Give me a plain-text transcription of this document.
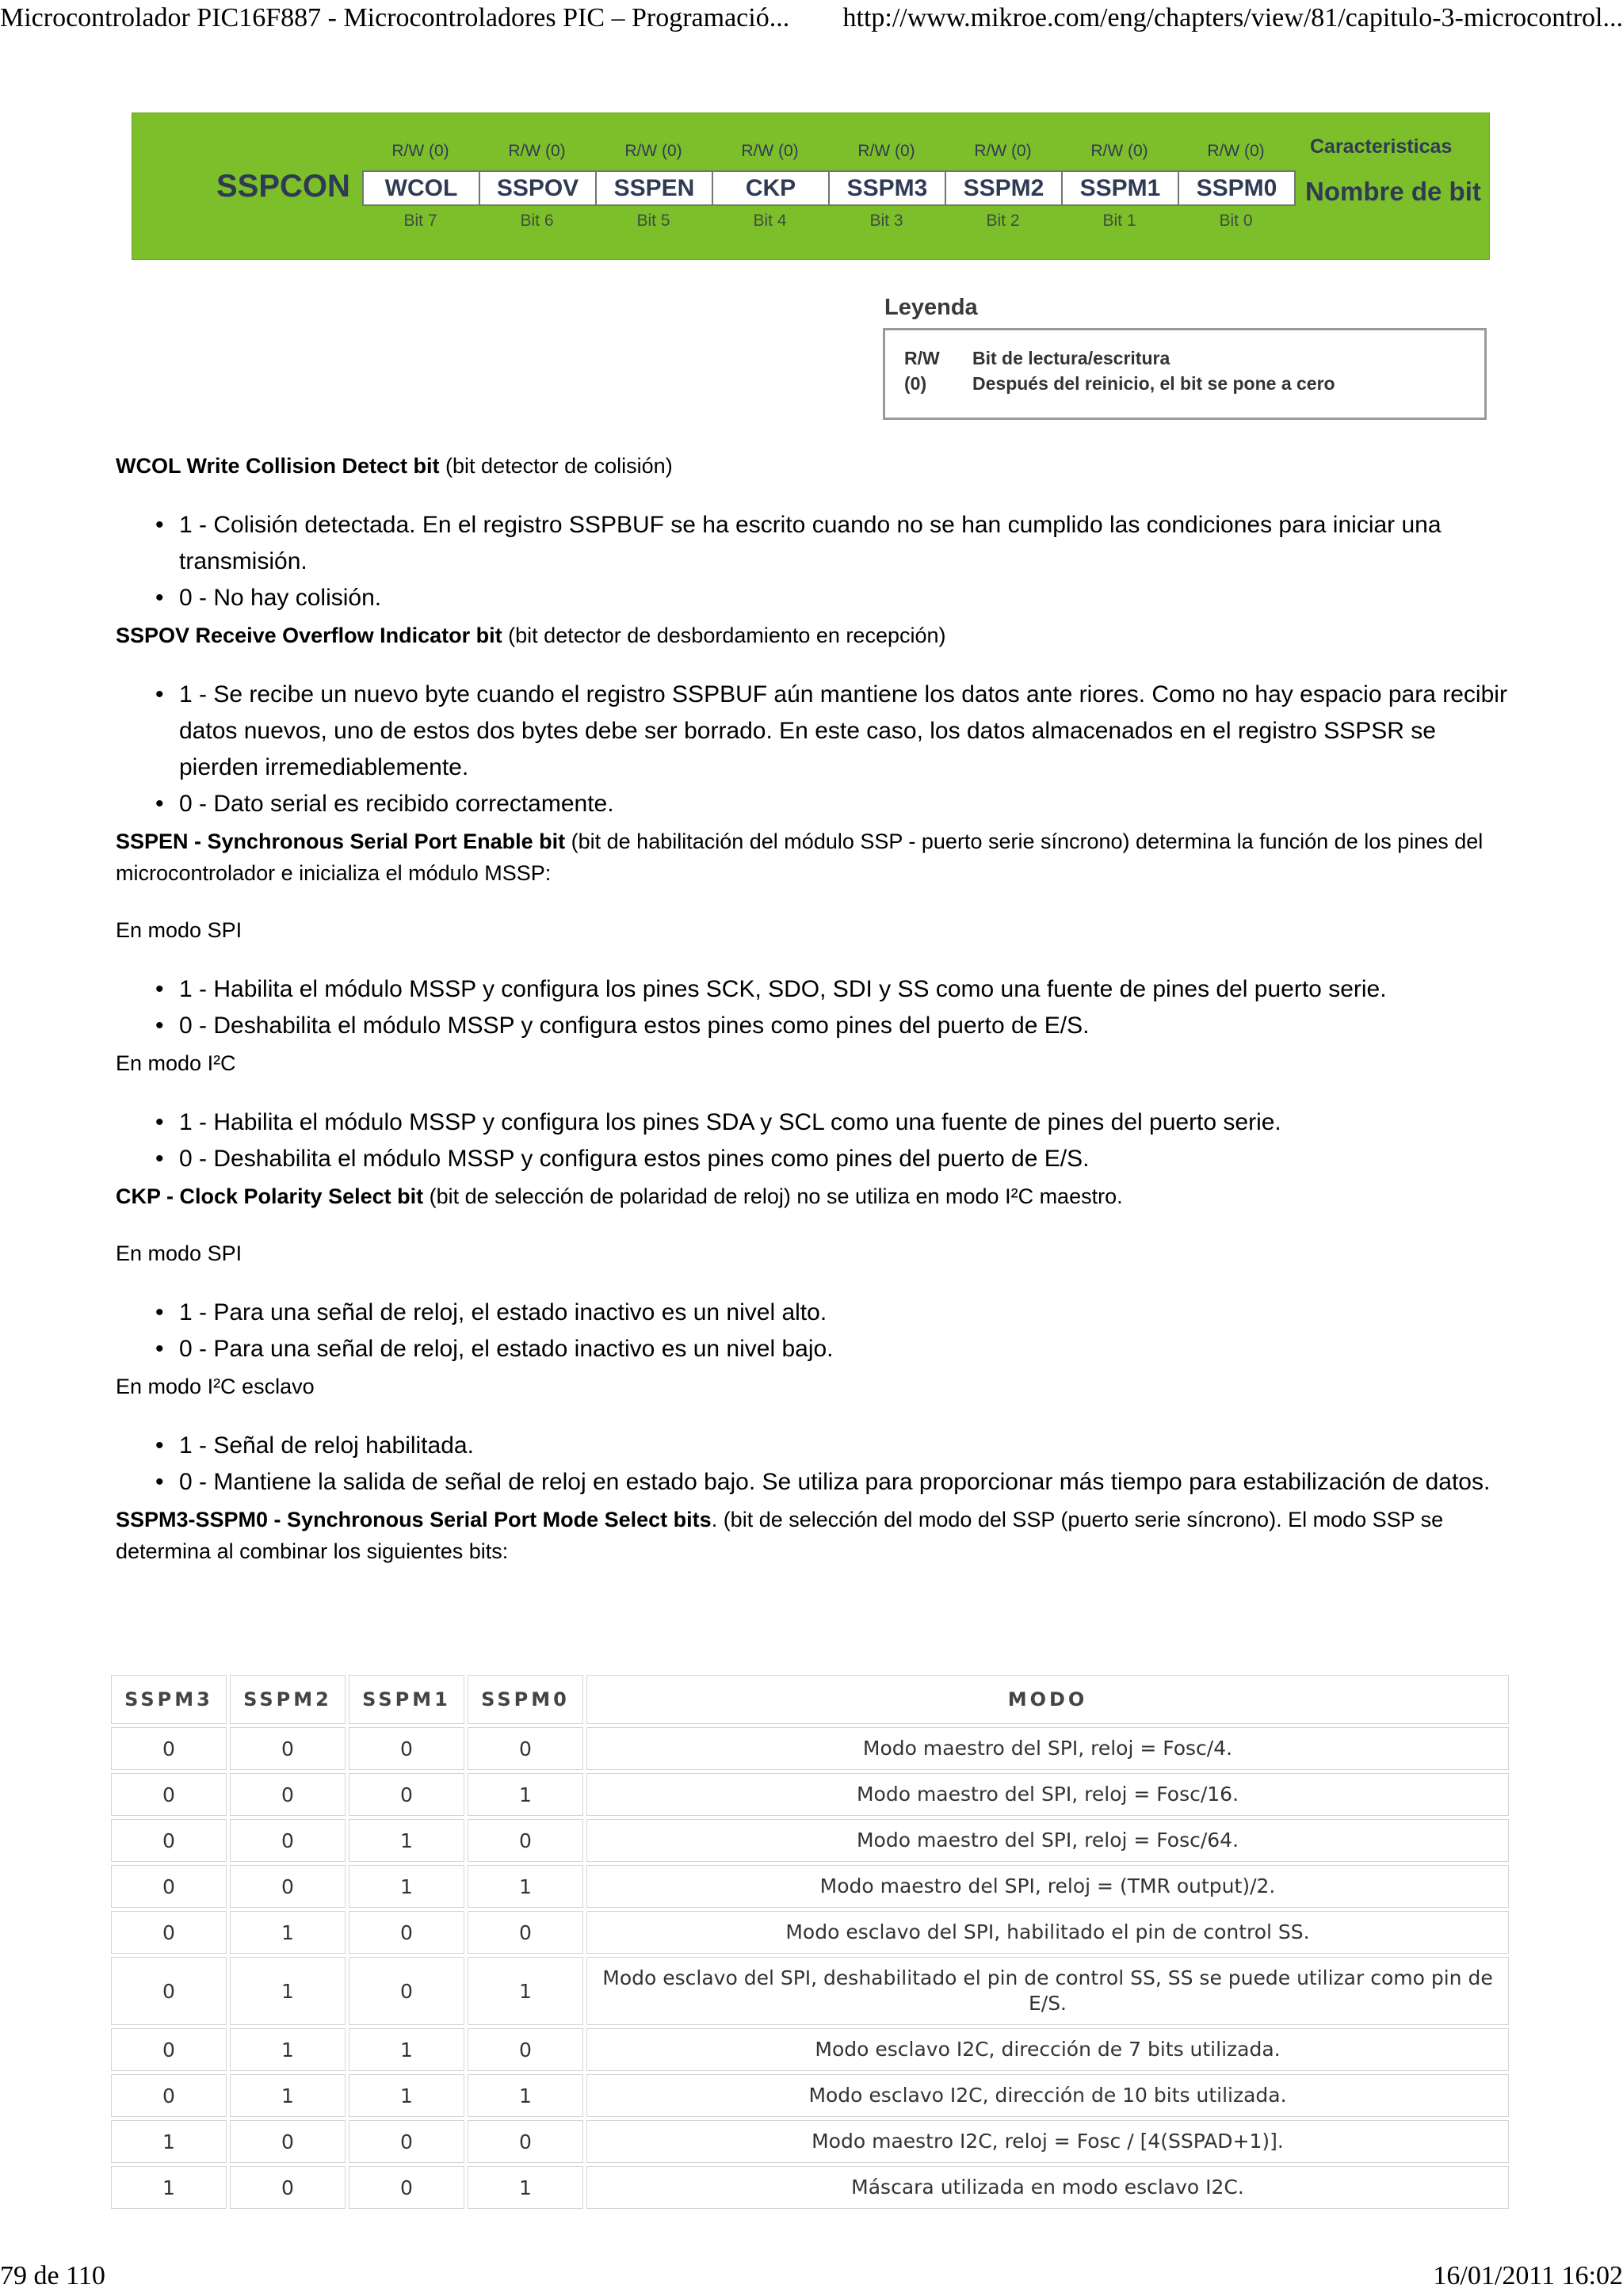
Microcontrolador PIC16F887 - Microcontroladores PIC – Programació... http://www.mikroe.com/eng/chapters/view/81/capitulo-3-microcontrol...
SSPCON
Caracteristicas
Nombre de bit
R/W (0)
WCOL
Bit 7
R/W (0)
SSPOV
Bit 6
R/W (0)
SSPEN
Bit 5
R/W (0)
CKP
Bit 4
R/W (0)
SSPM3
Bit 3
R/W (0)
SSPM2
Bit 2
R/W (0)
SSPM1
Bit 1
R/W (0)
SSPM0
Bit 0
Leyenda
R/W Bit de lectura/escritura
(0)	Después del reinicio, el bit se pone a cero

WCOL Write Collision Detect bit (bit detector de colisión)

• 1 - Colisión detectada. En el registro SSPBUF se ha escrito cuando no se han cumplido las condiciones para iniciar una transmisión.
• 0 - No hay colisión.

SSPOV Receive Overflow Indicator bit (bit detector de desbordamiento en recepción)

• 1 - Se recibe un nuevo byte cuando el registro SSPBUF aún mantiene los datos ante riores. Como no hay espacio para recibir datos nuevos, uno de estos dos bytes debe ser borrado. En este caso, los datos almacenados en el registro SSPSR se pierden irremediablemente.
• 0 - Dato serial es recibido correctamente.

SSPEN - Synchronous Serial Port Enable bit (bit de habilitación del módulo SSP - puerto serie síncrono) determina la función de los pines del microcontrolador e inicializa el módulo MSSP:

En modo SPI

• 1 - Habilita el módulo MSSP y configura los pines SCK, SDO, SDI y SS como una fuente de pines del puerto serie.
• 0 - Deshabilita el módulo MSSP y configura estos pines como pines del puerto de E/S.

En modo I²C

• 1 - Habilita el módulo MSSP y configura los pines SDA y SCL como una fuente de pines del puerto serie.
• 0 - Deshabilita el módulo MSSP y configura estos pines como pines del puerto de E/S.

CKP - Clock Polarity Select bit (bit de selección de polaridad de reloj) no se utiliza en modo I²C maestro.

En modo SPI

• 1 - Para una señal de reloj, el estado inactivo es un nivel alto.
• 0 - Para una señal de reloj, el estado inactivo es un nivel bajo.

En modo I²C esclavo

• 1 - Señal de reloj habilitada.
• 0 - Mantiene la salida de señal de reloj en estado bajo. Se utiliza para proporcionar más tiempo para estabilización de datos.

SSPM3-SSPM0 - Synchronous Serial Port Mode Select bits. (bit de selección del modo del SSP (puerto serie síncrono). El modo SSP se determina al combinar los siguientes bits:

SSPM3	SSPM2	SSPM1	SSPM0	MODO
0	0	0	0	Modo maestro del SPI, reloj = Fosc/4.
0	0	0	1	Modo maestro del SPI, reloj = Fosc/16.
0	0	1	0	Modo maestro del SPI, reloj = Fosc/64.
0	0	1	1	Modo maestro del SPI, reloj = (TMR output)/2.
0	1	0	0	Modo esclavo del SPI, habilitado el pin de control SS.
0	1	0	1	Modo esclavo del SPI, deshabilitado el pin de control SS, SS se puede utilizar como pin de E/S.
0	1	1	0	Modo esclavo I2C, dirección de 7 bits utilizada.
0	1	1	1	Modo esclavo I2C, dirección de 10 bits utilizada.
1	0	0	0	Modo maestro I2C, reloj = Fosc / [4(SSPAD+1)].
1	0	0	1	Máscara utilizada en modo esclavo I2C.
79 de 110	16/01/2011 16:02
